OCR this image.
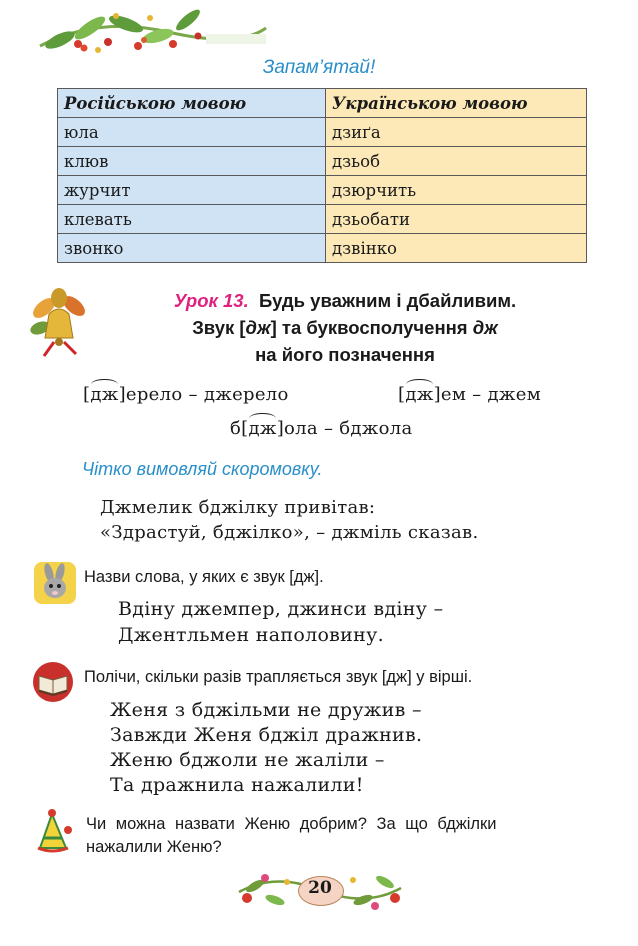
Запам’ятай!
Російською мовою	Українською мовою
юла	дзиґа
клюв	дзьоб
журчит	дзюрчить
клевать	дзьобати
звонко	дзвінко
Урок 13. Будь уважним і дбайливим.
Звук [дж] та буквосполучення дж
на його позначення
[дж]ерело – джерело	[дж]ем – джем
б[дж]ола – бджола
Чітко вимовляй скоромовку.
Джмелик бджілку привітав:
«Здрастуй, бджілко», – джміль сказав.
Назви слова, у яких є звук [дж].
Вдіну джемпер, джинси вдіну –
Джентльмен наполовину.
Полічи, скільки разів трапляється звук [дж] у вірші.
Женя з бджільми не дружив –
Завжди Женя бджіл дражнив.
Женю бджоли не жаліли –
Та дражнила нажалили!
Чи можна назвати Женю добрим? За що бджілки
нажалили Женю?
20
